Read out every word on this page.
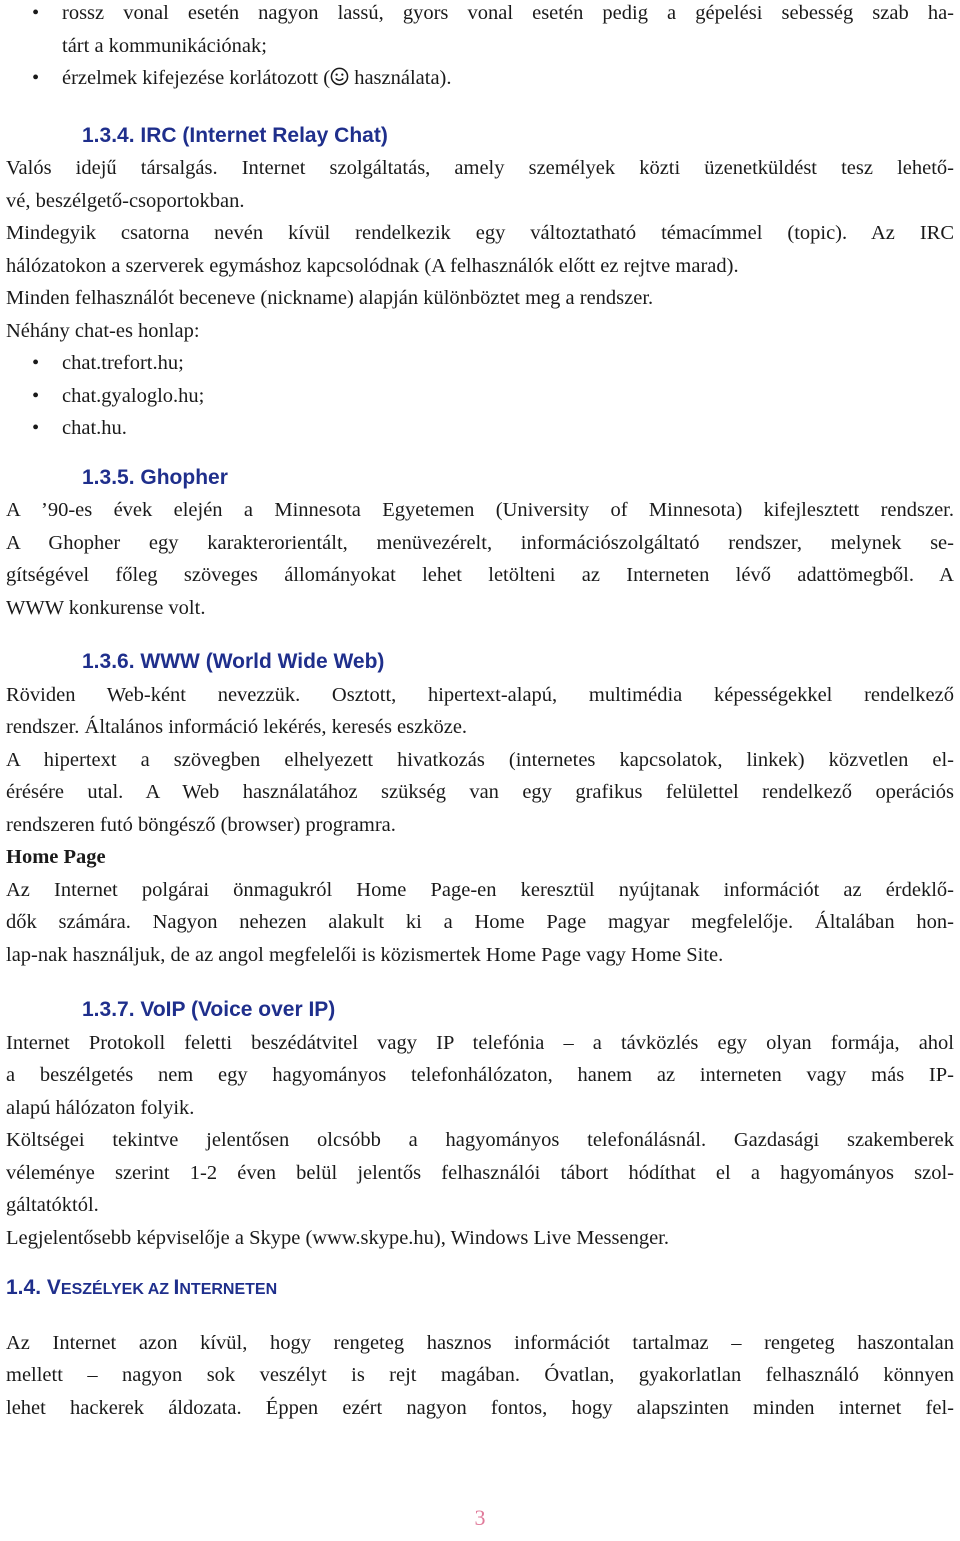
• rossz vonal esetén nagyon lassú, gyors vonal esetén pedig a gépelési sebesség szab ha-
tárt a kommunikációnak;
• érzelmek kifejezése korlátozott ( használata).
1.3.4. IRC (Internet Relay Chat)

Valós idejű társalgás. Internet szolgáltatás, amely személyek közti üzenetküldést tesz lehető-

vé, beszélgető-csoportokban.

Mindegyik csatorna nevén kívül rendelkezik egy változtatható témacímmel (topic). Az IRC

hálózatokon a szerverek egymáshoz kapcsolódnak (A felhasználók előtt ez rejtve marad).

Minden felhasználót beceneve (nickname) alapján különböztet meg a rendszer.

Néhány chat-es honlap:

• chat.trefort.hu;
• chat.gyaloglo.hu;
• chat.hu.
1.3.5. Ghopher

A ’90-es évek elején a Minnesota Egyetemen (University of Minnesota) kifejlesztett rendszer.

A Ghopher egy karakterorientált, menüvezérelt, információszolgáltató rendszer, melynek se-

gítségével főleg szöveges állományokat lehet letölteni az Interneten lévő adattömegből. A

WWW konkurense volt.

1.3.6. WWW (World Wide Web)

Röviden Web-ként nevezzük. Osztott, hipertext-alapú, multimédia képességekkel rendelkező

rendszer. Általános információ lekérés, keresés eszköze.

A hipertext a szövegben elhelyezett hivatkozás (internetes kapcsolatok, linkek) közvetlen el-

érésére utal. A Web használatához szükség van egy grafikus felülettel rendelkező operációs

rendszeren futó böngésző (browser) programra.

Home Page

Az Internet polgárai önmagukról Home Page-en keresztül nyújtanak információt az érdeklő-

dők számára. Nagyon nehezen alakult ki a Home Page magyar megfelelője. Általában hon-

lap-nak használjuk, de az angol megfelelői is közismertek Home Page vagy Home Site.

1.3.7. VoIP (Voice over IP)

Internet Protokoll feletti beszédátvitel vagy IP telefónia – a távközlés egy olyan formája, ahol

a beszélgetés nem egy hagyományos telefonhálózaton, hanem az interneten vagy más IP-

alapú hálózaton folyik.

Költségei tekintve jelentősen olcsóbb a hagyományos telefonálásnál. Gazdasági szakemberek

véleménye szerint 1-2 éven belül jelentős felhasználói tábort hódíthat el a hagyományos szol-

gáltatóktól.

Legjelentősebb képviselője a Skype (www.skype.hu), Windows Live Messenger.

1.4. VESZÉLYEK AZ INTERNETEN

Az Internet azon kívül, hogy rengeteg hasznos információt tartalmaz – rengeteg haszontalan

mellett – nagyon sok veszélyt is rejt magában. Óvatlan, gyakorlatlan felhasználó könnyen

lehet hackerek áldozata. Éppen ezért nagyon fontos, hogy alapszinten minden internet fel-

3
